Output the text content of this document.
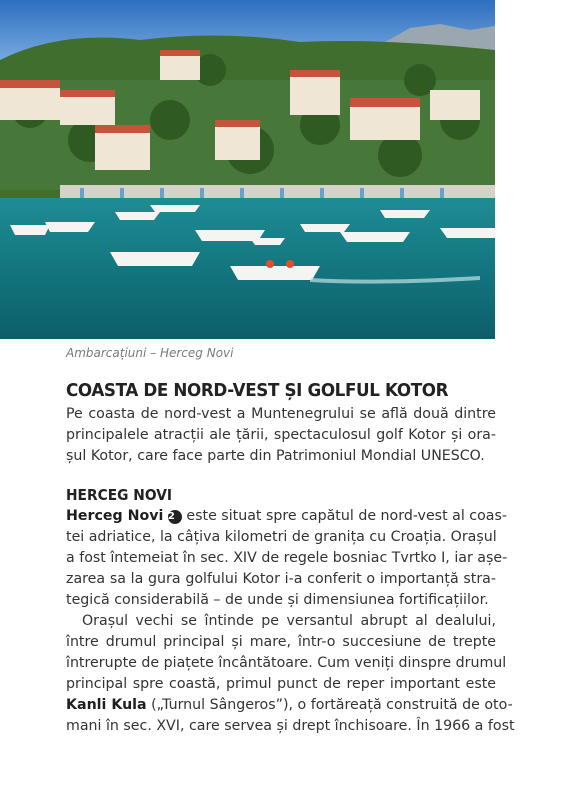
Ambarcațiuni – Herceg Novi
COASTA DE NORD-VEST ȘI GOLFUL KOTOR
Pe coasta de nord-vest a Muntenegrului se află două dintre
principalele atracții ale țării, spectaculosul golf Kotor și ora-
șul Kotor, care face parte din Patrimoniul Mondial UNESCO.
HERCEG NOVI
Herceg Novi 2 este situat spre capătul de nord-vest al coas-
tei adriatice, la câțiva kilometri de granița cu Croația. Orașul
a fost întemeiat în sec. XIV de regele bosniac Tvrtko I, iar așe-
zarea sa la gura golfului Kotor i-a conferit o importanță stra-
tegică considerabilă – de unde și dimensiunea fortificațiilor.
Orașul vechi se întinde pe versantul abrupt al dealului,
între drumul principal și mare, într-o succesiune de trepte
întrerupte de piațete încântătoare. Cum veniți dinspre drumul
principal spre coastă, primul punct de reper important este
Kanli Kula („Turnul Sângeros”), o fortăreață construită de oto-
mani în sec. XVI, care servea și drept închisoare. În 1966 a fost
